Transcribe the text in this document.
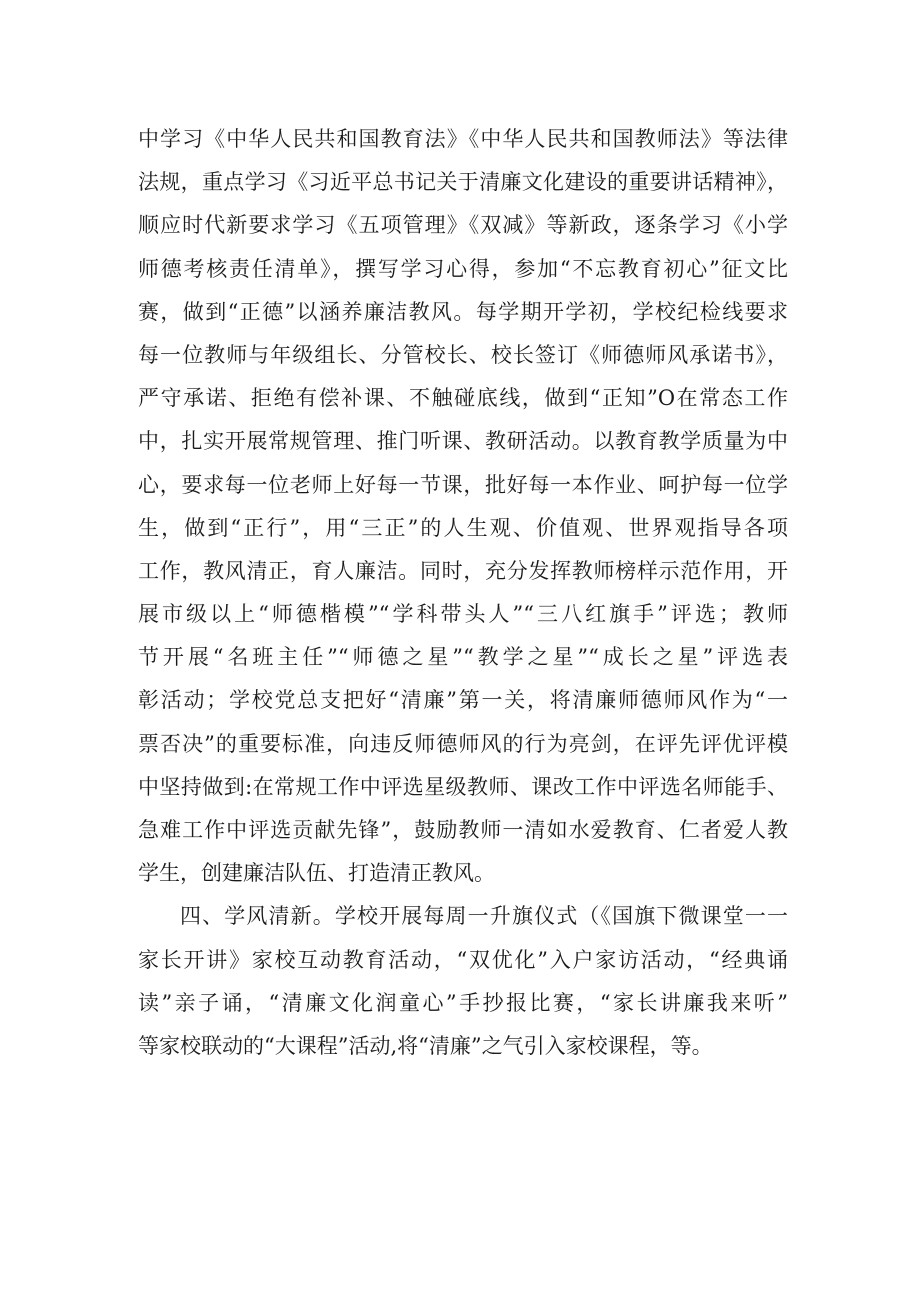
中学习《中华人民共和国教育法》《中华人民共和国教师法》等法律
法规，重点学习《习近平总书记关于清廉文化建设的重要讲话精神》，
顺应时代新要求学习《五项管理》《双减》等新政，逐条学习《小学
师德考核责任清单》，撰写学习心得，参加“不忘教育初心”征文比
赛，做到“正德”以涵养廉洁教风。每学期开学初，学校纪检线要求
每一位教师与年级组长、分管校长、校长签订《师德师风承诺书》，
严守承诺、拒绝有偿补课、不触碰底线，做到“正知”O在常态工作
中，扎实开展常规管理、推门听课、教研活动。以教育教学质量为中
心，要求每一位老师上好每一节课，批好每一本作业、呵护每一位学
生，做到“正行”，用“三正”的人生观、价值观、世界观指导各项
工作，教风清正，育人廉洁。同时，充分发挥教师榜样示范作用，开
展市级以上“师德楷模”“学科带头人”“三八红旗手”评选；教师
节开展“名班主任”“师德之星”“教学之星”“成长之星”评选表
彰活动；学校党总支把好“清廉”第一关，将清廉师德师风作为“一
票否决”的重要标准，向违反师德师风的行为亮剑，在评先评优评模
中坚持做到:在常规工作中评选星级教师、课改工作中评选名师能手、
急难工作中评选贡献先锋”，鼓励教师一清如水爱教育、仁者爱人教
学生，创建廉洁队伍、打造清正教风。
四、学风清新。学校开展每周一升旗仪式（《国旗下微课堂一一
家长开讲》家校互动教育活动，“双优化”入户家访活动，“经典诵
读”亲子诵，“清廉文化润童心”手抄报比赛，“家长讲廉我来听”
等家校联动的“大课程”活动,将“清廉”之气引入家校课程，等。
